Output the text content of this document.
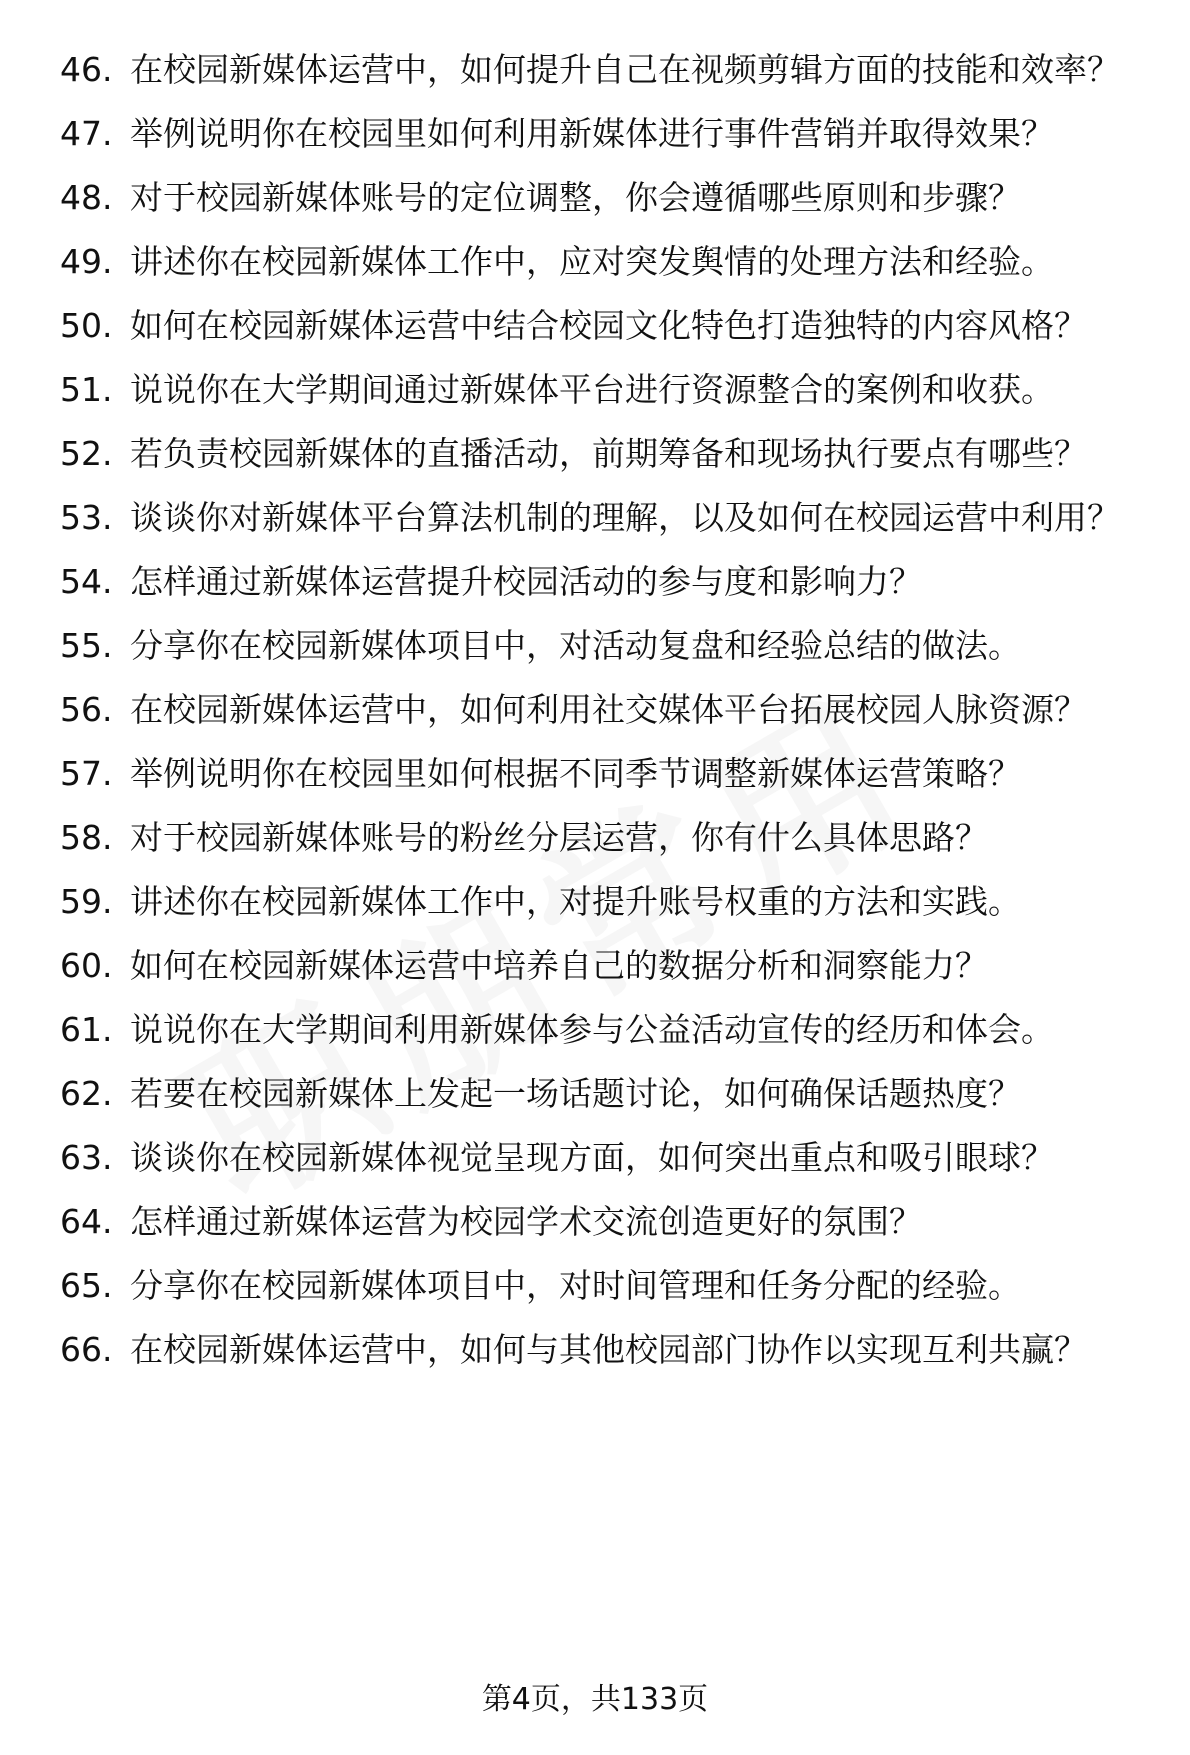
46. 在校园新媒体运营中，如何提升自己在视频剪辑方面的技能和效率？
47. 举例说明你在校园里如何利用新媒体进行事件营销并取得效果？
48. 对于校园新媒体账号的定位调整，你会遵循哪些原则和步骤？
49. 讲述你在校园新媒体工作中，应对突发舆情的处理方法和经验。
50. 如何在校园新媒体运营中结合校园文化特色打造独特的内容风格？
51. 说说你在大学期间通过新媒体平台进行资源整合的案例和收获。
52. 若负责校园新媒体的直播活动，前期筹备和现场执行要点有哪些？
53. 谈谈你对新媒体平台算法机制的理解，以及如何在校园运营中利用？
54. 怎样通过新媒体运营提升校园活动的参与度和影响力？
55. 分享你在校园新媒体项目中，对活动复盘和经验总结的做法。
56. 在校园新媒体运营中，如何利用社交媒体平台拓展校园人脉资源？
57. 举例说明你在校园里如何根据不同季节调整新媒体运营策略？
58. 对于校园新媒体账号的粉丝分层运营，你有什么具体思路？
59. 讲述你在校园新媒体工作中，对提升账号权重的方法和实践。
60. 如何在校园新媒体运营中培养自己的数据分析和洞察能力？
61. 说说你在大学期间利用新媒体参与公益活动宣传的经历和体会。
62. 若要在校园新媒体上发起一场话题讨论，如何确保话题热度？
63. 谈谈你在校园新媒体视觉呈现方面，如何突出重点和吸引眼球？
64. 怎样通过新媒体运营为校园学术交流创造更好的氛围？
65. 分享你在校园新媒体项目中，对时间管理和任务分配的经验。
66. 在校园新媒体运营中，如何与其他校园部门协作以实现互利共赢？
第4页，共133页
